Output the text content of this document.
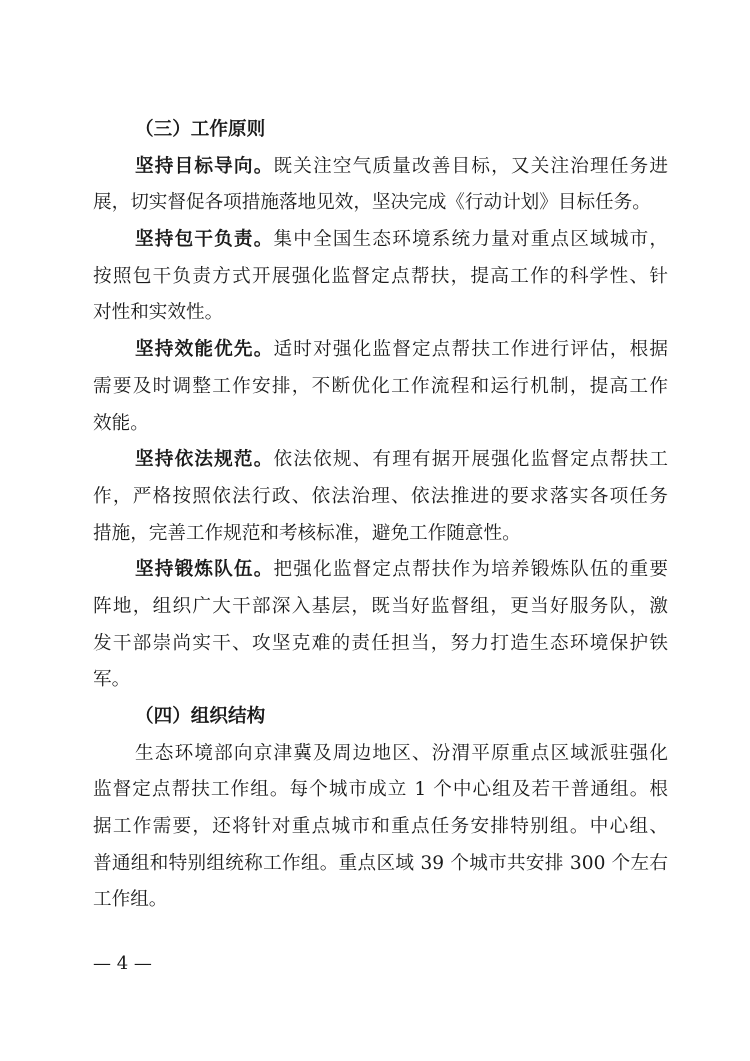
（三）工作原则
坚持目标导向。既关注空气质量改善目标，又关注治理任务进
展，切实督促各项措施落地见效，坚决完成《行动计划》目标任务。
坚持包干负责。集中全国生态环境系统力量对重点区域城市，
按照包干负责方式开展强化监督定点帮扶，提高工作的科学性、针
对性和实效性。
坚持效能优先。适时对强化监督定点帮扶工作进行评估，根据
需要及时调整工作安排，不断优化工作流程和运行机制，提高工作
效能。
坚持依法规范。依法依规、有理有据开展强化监督定点帮扶工
作，严格按照依法行政、依法治理、依法推进的要求落实各项任务
措施，完善工作规范和考核标准，避免工作随意性。
坚持锻炼队伍。把强化监督定点帮扶作为培养锻炼队伍的重要
阵地，组织广大干部深入基层，既当好监督组，更当好服务队，激
发干部崇尚实干、攻坚克难的责任担当，努力打造生态环境保护铁
军。
（四）组织结构
生态环境部向京津冀及周边地区、汾渭平原重点区域派驻强化
监督定点帮扶工作组。每个城市成立 1 个中心组及若干普通组。根
据工作需要，还将针对重点城市和重点任务安排特别组。中心组、
普通组和特别组统称工作组。重点区域 39 个城市共安排 300 个左右
工作组。
— 4 —
